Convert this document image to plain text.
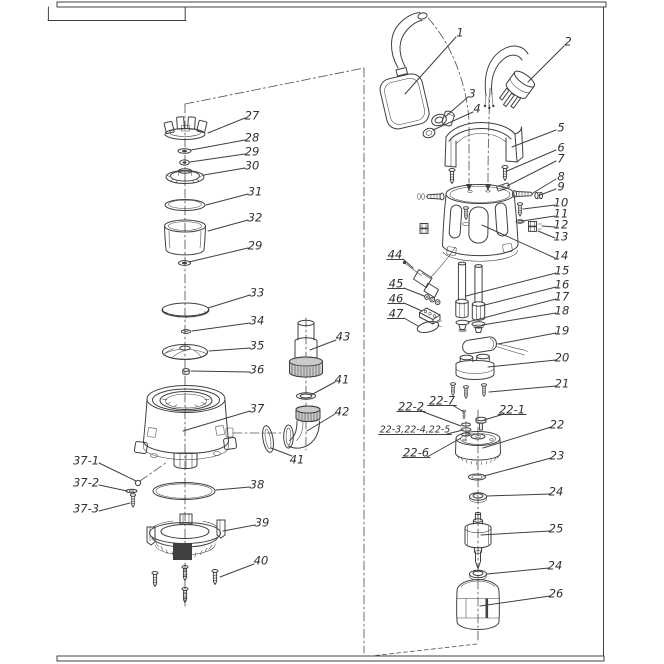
1
2
3
4
5
6
7
8
9
10
11
12
13
14
15
16
17
18
19
20
21
22-2 22-7
22-1
22-3,22-4,22-5
22-6
22
23
24
25
24
26
44
45
46
47
27
28
29
30
31
32
29
33
34
35
36
37
38
39
40
37-1
37-2
37-3
43
41
42
41
